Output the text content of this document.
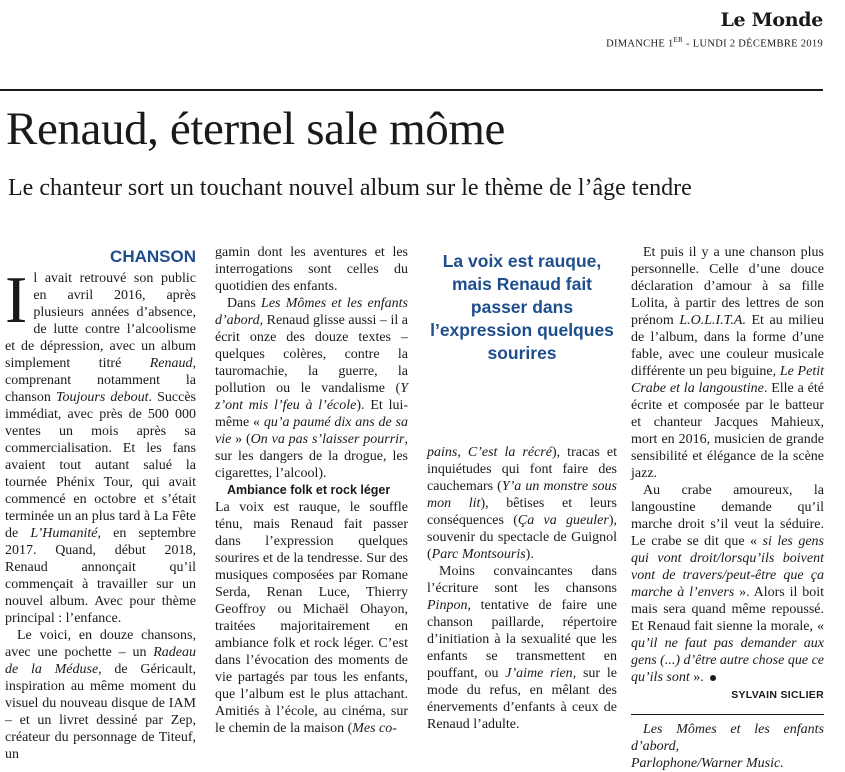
Le Monde
DIMANCHE 1ER - LUNDI 2 DÉCEMBRE 2019
Renaud, éternel sale môme
Le chanteur sort un touchant nouvel album sur le thème de l’âge tendre
CHANSON

Il avait retrouvé son public en avril 2016, après plusieurs années d’absence, de lutte contre l’alcoolisme et de dépression, avec un album simplement titré Renaud, comprenant notamment la chanson Toujours debout. Succès immédiat, avec près de 500 000 ventes un mois après sa commercialisation. Et les fans avaient tout autant salué la tournée Phénix Tour, qui avait commencé en octobre et s’était terminée un an plus tard à La Fête de L’Humanité, en septembre 2017. Quand, début 2018, Renaud annonçait qu’il commençait à travailler sur un nouvel album. Avec pour thème principal : l’enfance.

Le voici, en douze chansons, avec une pochette – un Radeau de la Méduse, de Géricault, inspiration au même moment du visuel du nouveau disque de IAM – et un livret dessiné par Zep, créateur du personnage de Titeuf, un

gamin dont les aventures et les interrogations sont celles du quotidien des enfants.

Dans Les Mômes et les enfants d’abord, Renaud glisse aussi – il a écrit onze des douze textes – quelques colères, contre la tauromachie, la guerre, la pollution ou le vandalisme (Y z’ont mis l’feu à l’école). Et lui-même « qu’a paumé dix ans de sa vie » (On va pas s’laisser pourrir, sur les dangers de la drogue, les cigarettes, l’alcool).

Ambiance folk et rock léger

La voix est rauque, le souffle ténu, mais Renaud fait passer dans l’expression quelques sourires et de la tendresse. Sur des musiques composées par Romane Serda, Renan Luce, Thierry Geoffroy ou Michaël Ohayon, traitées majoritairement en ambiance folk et rock léger. C’est dans l’évocation des moments de vie partagés par tous les enfants, que l’album est le plus attachant. Amitiés à l’école, au cinéma, sur le chemin de la maison (Mes co-

La voix est rauque, mais Renaud fait passer dans l’expression quelques sourires

pains, C’est la récré), tracas et inquiétudes qui font faire des cauchemars (Y’a un monstre sous mon lit), bêtises et leurs conséquences (Ça va gueuler), souvenir du spectacle de Guignol (Parc Montsouris).

Moins convaincantes dans l’écriture sont les chansons Pinpon, tentative de faire une chanson paillarde, répertoire d’initiation à la sexualité que les enfants se transmettent en pouffant, ou J’aime rien, sur le mode du refus, en mêlant des énervements d’enfants à ceux de Renaud l’adulte.

Et puis il y a une chanson plus personnelle. Celle d’une douce déclaration d’amour à sa fille Lolita, à partir des lettres de son prénom L.O.L.I.T.A. Et au milieu de l’album, dans la forme d’une fable, avec une couleur musicale différente un peu biguine, Le Petit Crabe et la langoustine. Elle a été écrite et composée par le batteur et chanteur Jacques Mahieux, mort en 2016, musicien de grande sensibilité et élégance de la scène jazz.

Au crabe amoureux, la langoustine demande qu’il marche droit s’il veut la séduire. Le crabe se dit que « si les gens qui vont droit/lorsqu’ils boivent vont de travers/peut-être que ça marche à l’envers ». Alors il boit mais sera quand même repoussé. Et Renaud fait sienne la morale, « qu’il ne faut pas demander aux gens (...) d’être autre chose que ce qu’ils sont ».

SYLVAIN SICLIER

Les Mômes et les enfants d’abord,
Parlophone/Warner Music.
